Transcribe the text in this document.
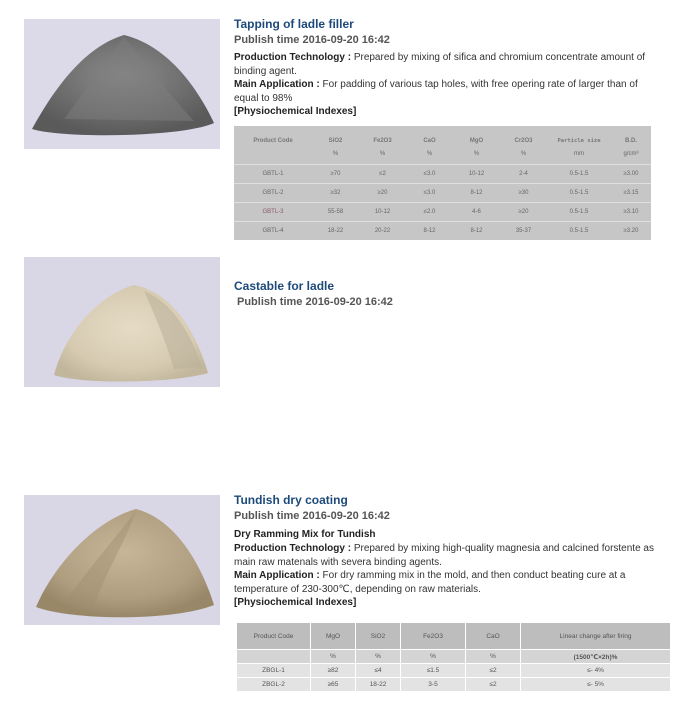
Tapping of ladle filler
Publish time 2016-09-20 16:42
Production Technology : Prepared by mixing of sifica and chromium concentrate amount of binding agent.
Main Application : For padding of various tap holes, with free opering rate of larger than of equal to 98%
[Physiochemical Indexes]
Product Code	SiO2	Fe2O3	CaO	MgO	Cr2O3	Particle size	B.D.
	%	%	%	%	%	mm	g/cm³
GBTL-1	≥70	≤2	≤3.0	10-12	2-4	0.5-1.5	≥3.00
GBTL-2	≥32	≥20	≤3.0	8-12	≥30	0.5-1.5	≥3.15
GBTL-3	55-58	10-12	≤2.0	4-6	≥20	0.5-1.5	≥3.10
GBTL-4	18-22	20-22	8-12	8-12	35-37	0.5-1.5	≥3.20
Castable for ladle
Publish time 2016-09-20 16:42
Tundish dry coating
Publish time 2016-09-20 16:42
Dry Ramming Mix for Tundish
Production Technology : Prepared by mixing high-quality magnesia and calcined forstente as main raw matenals with severa binding agents.
Main Application : For dry ramming mix in the mold, and then conduct beating cure at a temperature of 230-300℃, depending on raw materials.
[Physiochemical Indexes]
Product Code	MgO	SiO2	Fe2O3	CaO	Linear change after firing
	%	%	%	%	(1500℃×2h)%
ZBGL-1	≥82	≤4	≤1.5	≤2	≤- 4%
ZBGL-2	≥65	18-22	3-5	≤2	≤- 5%
